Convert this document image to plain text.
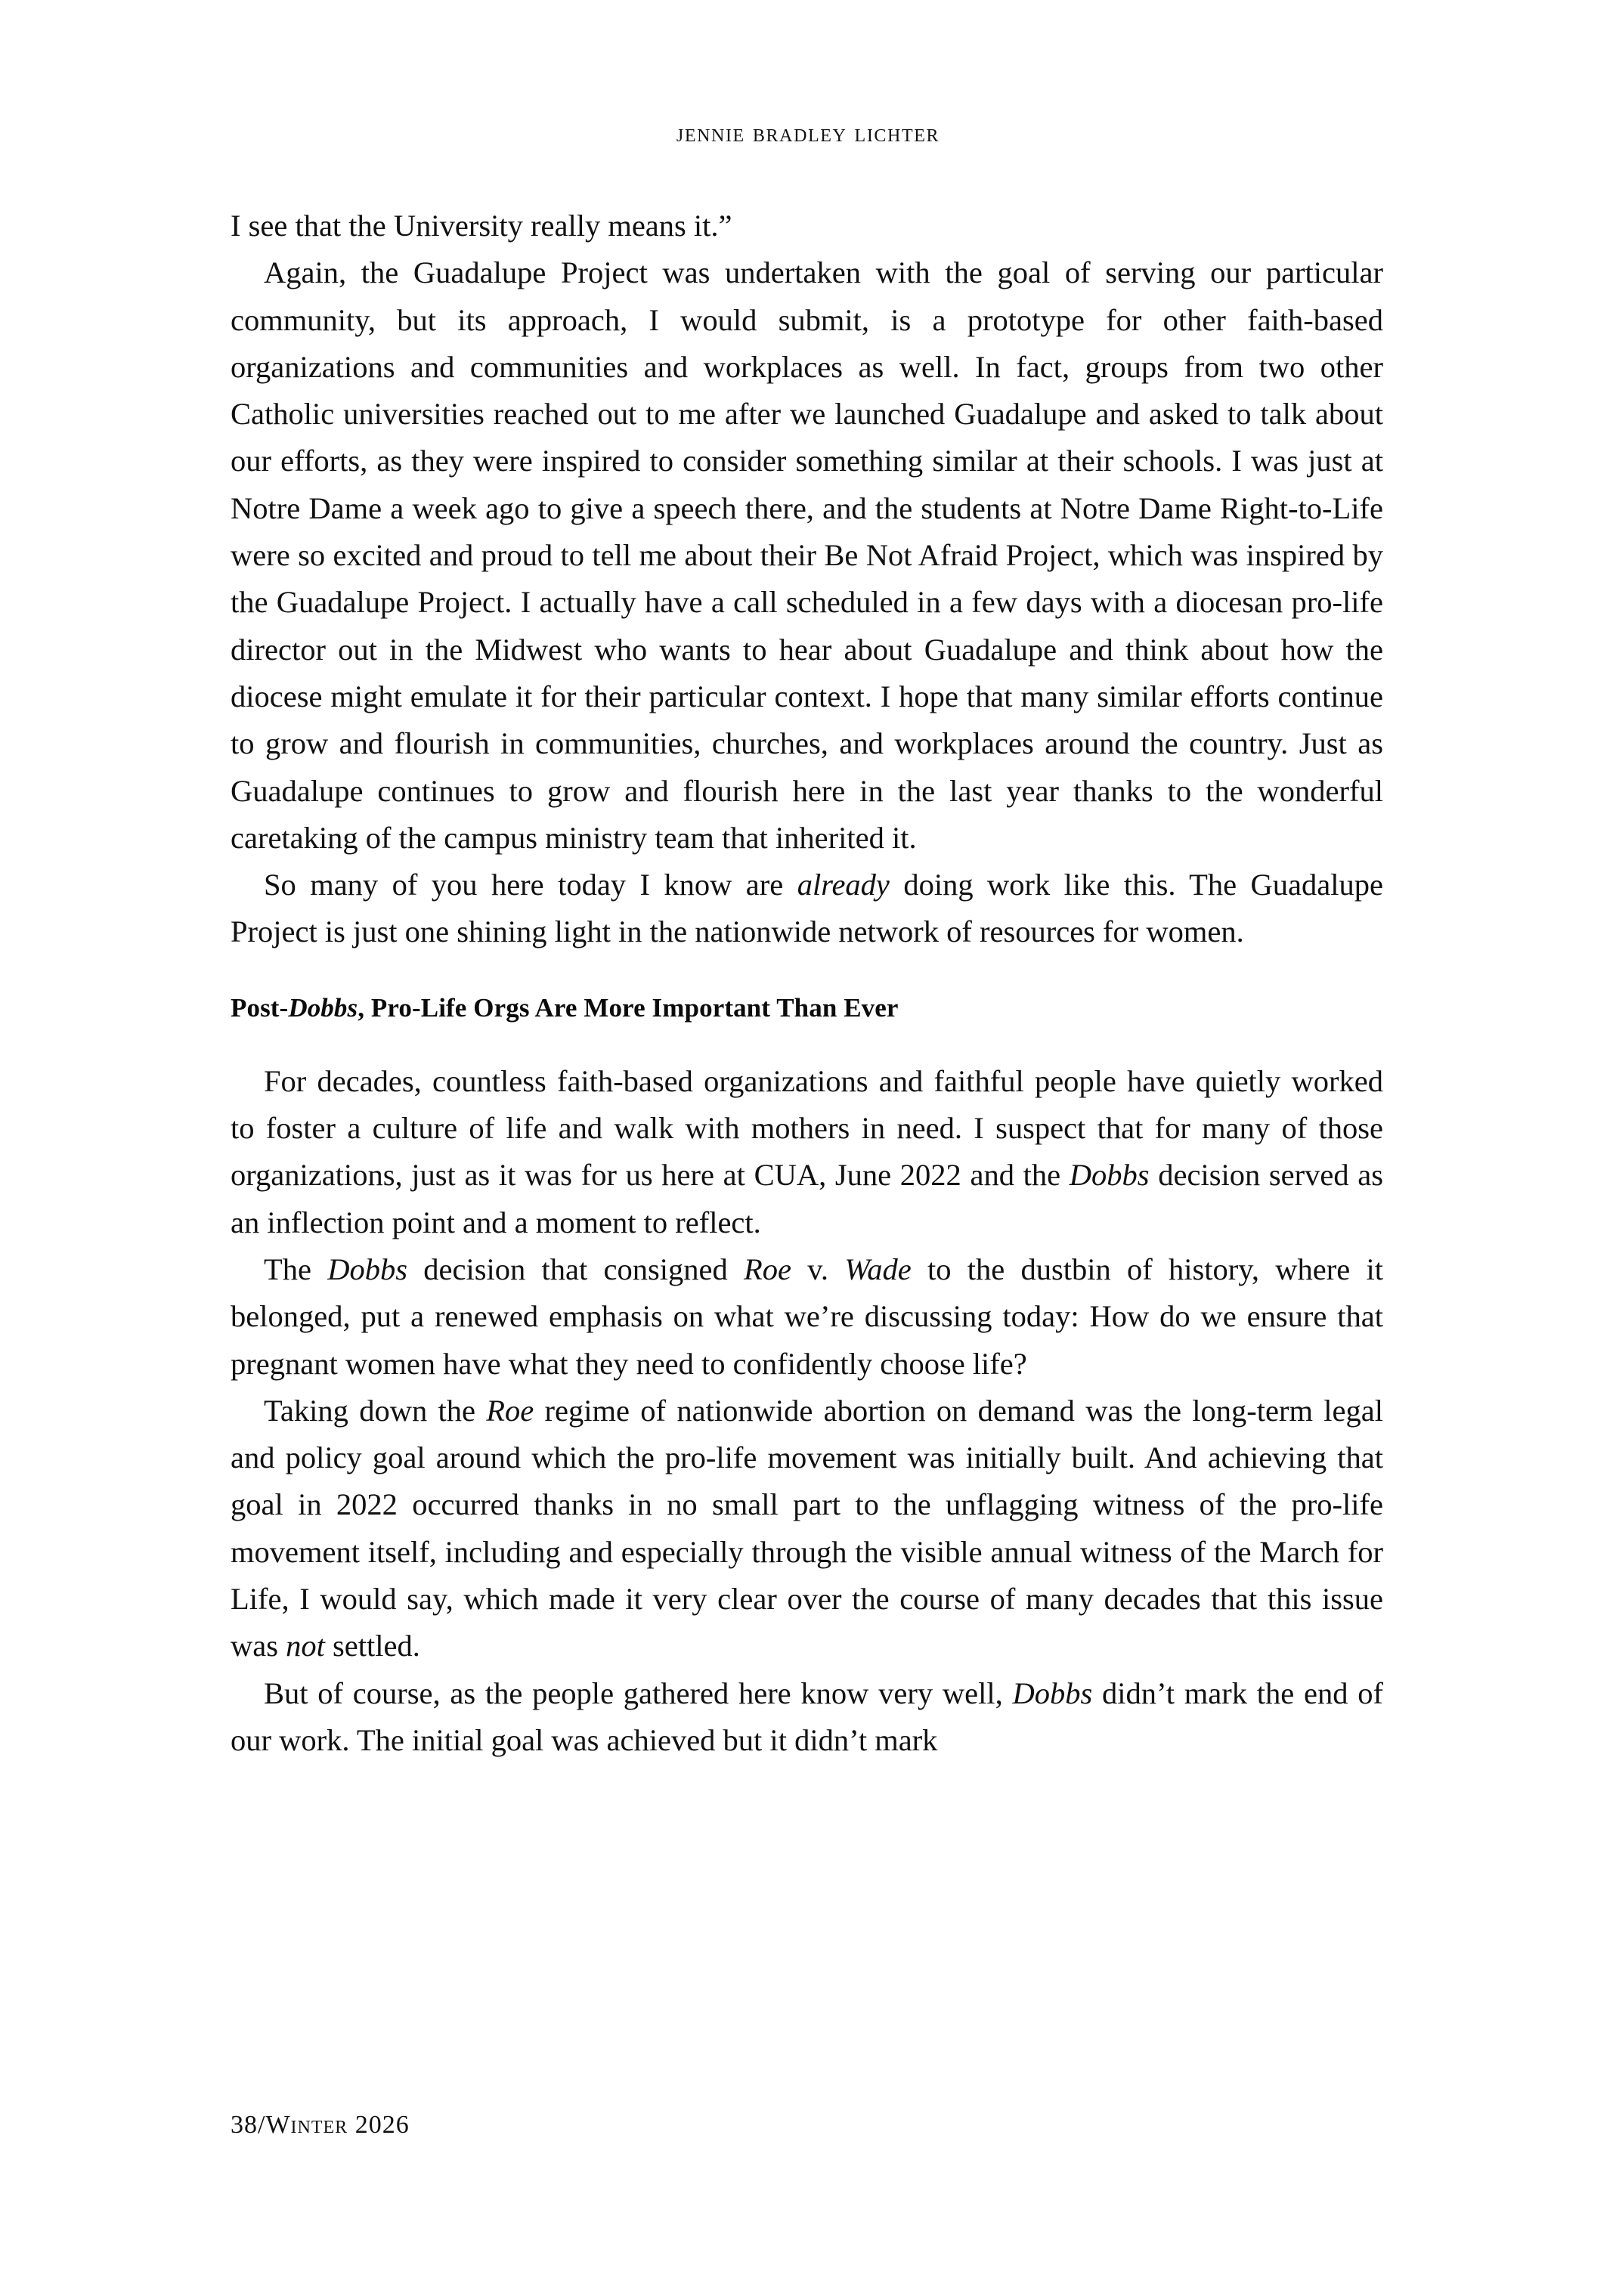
jennie bradley lichter

I see that the University really means it.”

Again, the Guadalupe Project was undertaken with the goal of serving our particular community, but its approach, I would submit, is a prototype for other faith-based organizations and communities and workplaces as well. In fact, groups from two other Catholic universities reached out to me after we launched Guadalupe and asked to talk about our efforts, as they were inspired to consider something similar at their schools. I was just at Notre Dame a week ago to give a speech there, and the students at Notre Dame Right-to-Life were so excited and proud to tell me about their Be Not Afraid Project, which was inspired by the Guadalupe Project. I actually have a call scheduled in a few days with a diocesan pro-life director out in the Midwest who wants to hear about Guadalupe and think about how the diocese might emulate it for their particular context. I hope that many similar efforts continue to grow and flourish in communities, churches, and workplaces around the country. Just as Guadalupe continues to grow and flourish here in the last year thanks to the wonderful caretaking of the campus ministry team that inherited it.

So many of you here today I know are already doing work like this. The Guadalupe Project is just one shining light in the nationwide network of resources for women.

Post-Dobbs, Pro-Life Orgs Are More Important Than Ever

For decades, countless faith-based organizations and faithful people have quietly worked to foster a culture of life and walk with mothers in need. I suspect that for many of those organizations, just as it was for us here at CUA, June 2022 and the Dobbs decision served as an inflection point and a moment to reflect.

The Dobbs decision that consigned Roe v. Wade to the dustbin of history, where it belonged, put a renewed emphasis on what we’re discussing today: How do we ensure that pregnant women have what they need to confidently choose life?

Taking down the Roe regime of nationwide abortion on demand was the long-term legal and policy goal around which the pro-life movement was initially built. And achieving that goal in 2022 occurred thanks in no small part to the unflagging witness of the pro-life movement itself, including and especially through the visible annual witness of the March for Life, I would say, which made it very clear over the course of many decades that this issue was not settled.

But of course, as the people gathered here know very well, Dobbs didn’t mark the end of our work. The initial goal was achieved but it didn’t mark

38/Winter 2026
